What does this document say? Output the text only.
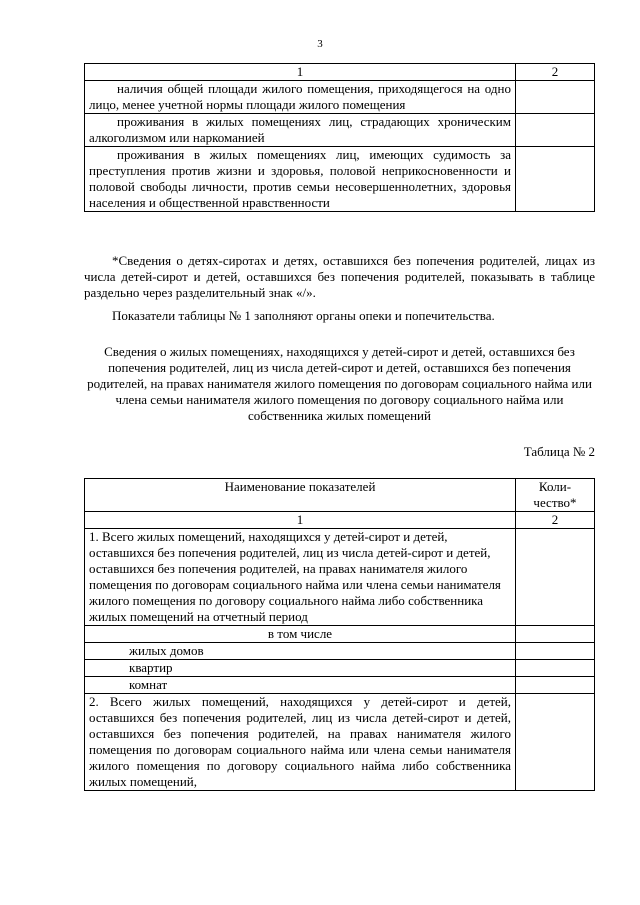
3
1	2
наличия общей площади жилого помещения, приходящегося на одно лицо, менее учетной нормы площади жилого помещения	
проживания в жилых помещениях лиц, страдающих хроническим алкоголизмом или наркоманией	
проживания в жилых помещениях лиц, имеющих судимость за преступления против жизни и здоровья, половой неприкосновенности и половой свободы личности, против семьи несовершеннолетних, здоровья населения и общественной нравственности	
*Сведения о детях-сиротах и детях, оставшихся без попечения родителей, лицах из числа детей-сирот и детей, оставшихся без попечения родителей, показывать в таблице раздельно через разделительный знак «/».
Показатели таблицы № 1 заполняют органы опеки и попечительства.
Сведения о жилых помещениях, находящихся у детей-сирот и детей, оставшихся без попечения родителей, лиц из числа детей-сирот и детей, оставшихся без попечения родителей, на правах нанимателя жилого помещения по договорам социального найма или члена семьи нанимателя жилого помещения по договору социального найма или собственника жилых помещений
Таблица № 2
Наименование показателей	Коли-чество*
1	2
1. Всего жилых помещений, находящихся у детей-сирот и детей, оставшихся без попечения родителей, лиц из числа детей-сирот и детей, оставшихся без попечения родителей, на правах нанимателя жилого помещения по договорам социального найма или члена семьи нанимателя жилого помещения по договору социального найма либо собственника жилых помещений на отчетный период	
в том числе	
жилых домов	
квартир	
комнат	
2. Всего жилых помещений, находящихся у детей-сирот и детей, оставшихся без попечения родителей, лиц из числа детей-сирот и детей, оставшихся без попечения родителей, на правах нанимателя жилого помещения по договорам социального найма или члена семьи нанимателя жилого помещения по договору социального найма либо собственника жилых помещений,	
